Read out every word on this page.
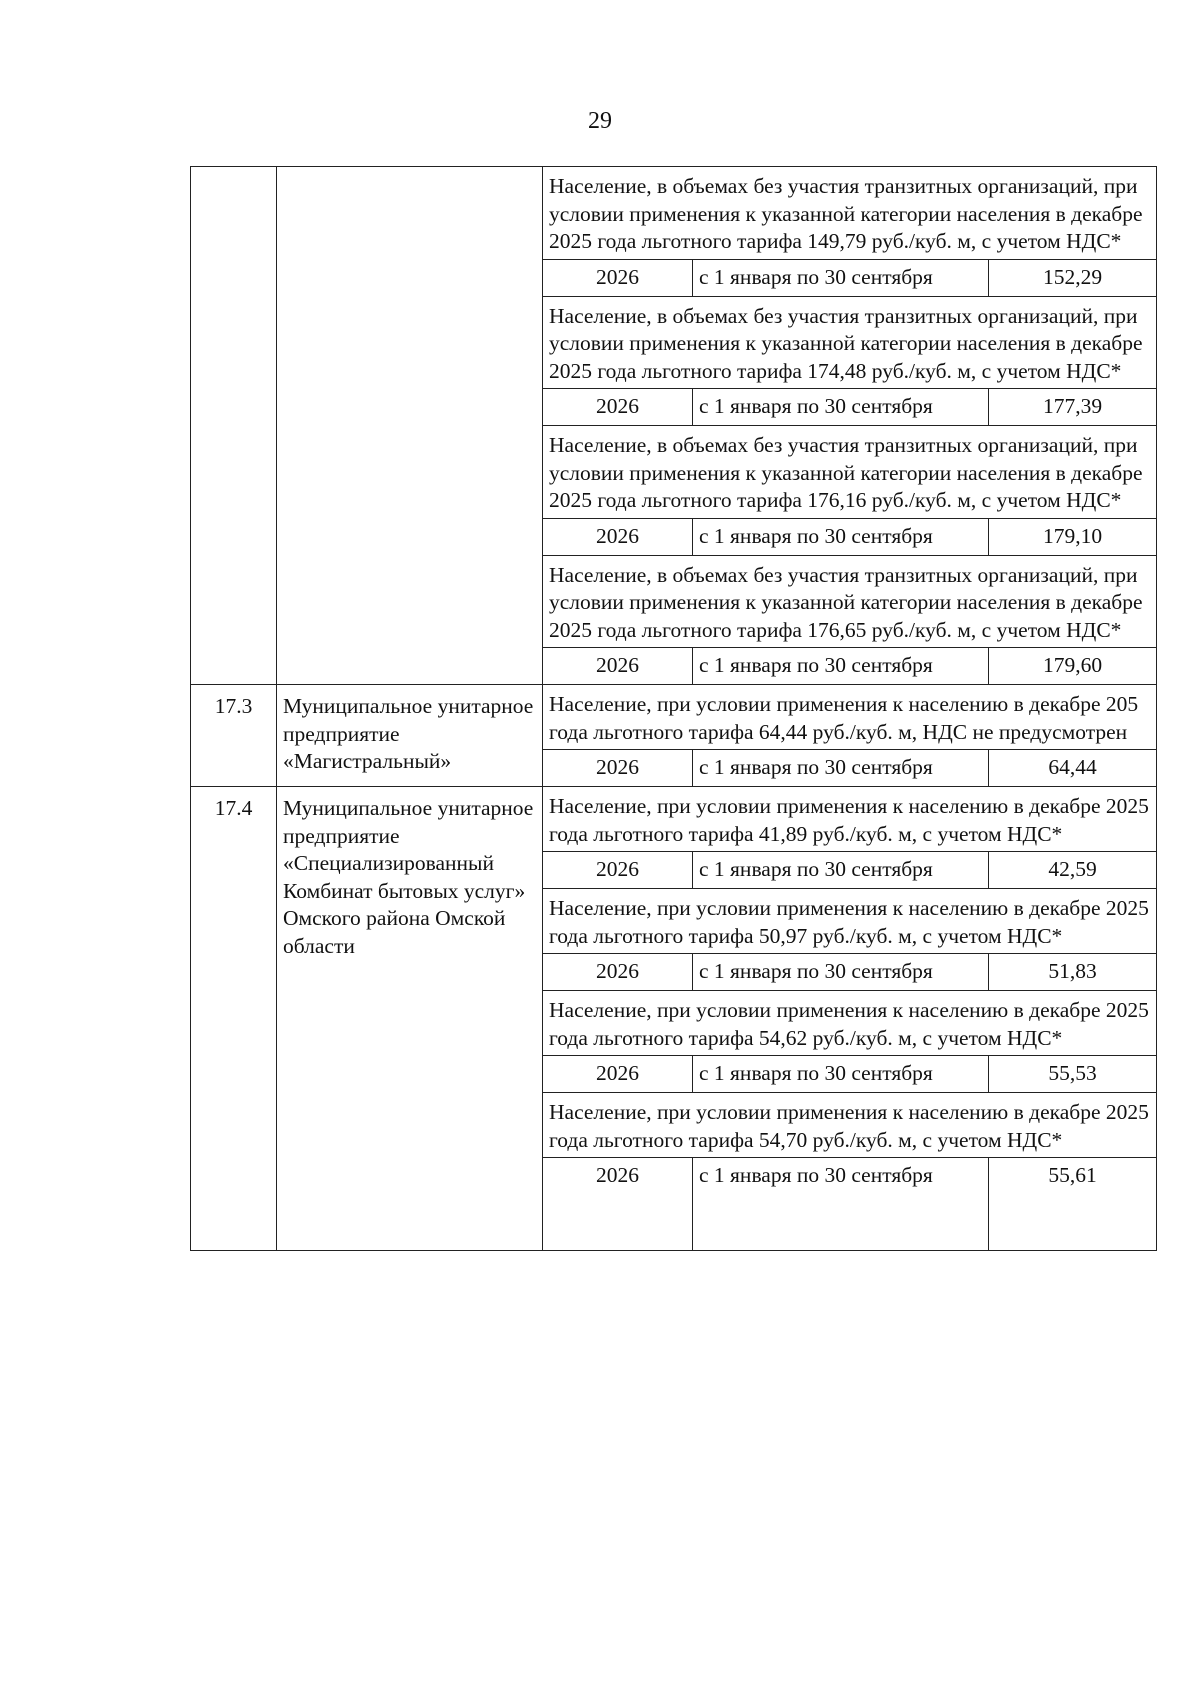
29
		Население, в объемах без участия транзитных организаций, при условии применения к указанной категории населения в декабре 2025 года льготного тарифа 149,79 руб./куб. м, с учетом НДС*		
		2026	с 1 января по 30 сентября	152,29
		Население, в объемах без участия транзитных организаций, при условии применения к указанной категории населения в декабре 2025 года льготного тарифа 174,48 руб./куб. м, с учетом НДС*		
		2026	с 1 января по 30 сентября	177,39
		Население, в объемах без участия транзитных организаций, при условии применения к указанной категории населения в декабре 2025 года льготного тарифа 176,16 руб./куб. м, с учетом НДС*		
		2026	с 1 января по 30 сентября	179,10
		Население, в объемах без участия транзитных организаций, при условии применения к указанной категории населения в декабре 2025 года льготного тарифа 176,65 руб./куб. м, с учетом НДС*		
		2026	с 1 января по 30 сентября	179,60
17.3	Муниципальное унитарное предприятие «Магистральный»	Население, при условии применения к населению в декабре 205 года льготного тарифа 64,44 руб./куб. м, НДС не предусмотрен		
		2026	с 1 января по 30 сентября	64,44
17.4	Муниципальное унитарное предприятие «Специализированный Комбинат бытовых услуг» Омского района Омской области	Население, при условии применения к населению в декабре 2025 года льготного тарифа 41,89 руб./куб. м, с учетом НДС*		
		2026	с 1 января по 30 сентября	42,59
		Население, при условии применения к населению в декабре 2025 года льготного тарифа 50,97 руб./куб. м, с учетом НДС*		
		2026	с 1 января по 30 сентября	51,83
		Население, при условии применения к населению в декабре 2025 года льготного тарифа 54,62 руб./куб. м, с учетом НДС*		
		2026	с 1 января по 30 сентября	55,53
		Население, при условии применения к населению в декабре 2025 года льготного тарифа 54,70 руб./куб. м, с учетом НДС*		
		2026	с 1 января по 30 сентября	55,61
